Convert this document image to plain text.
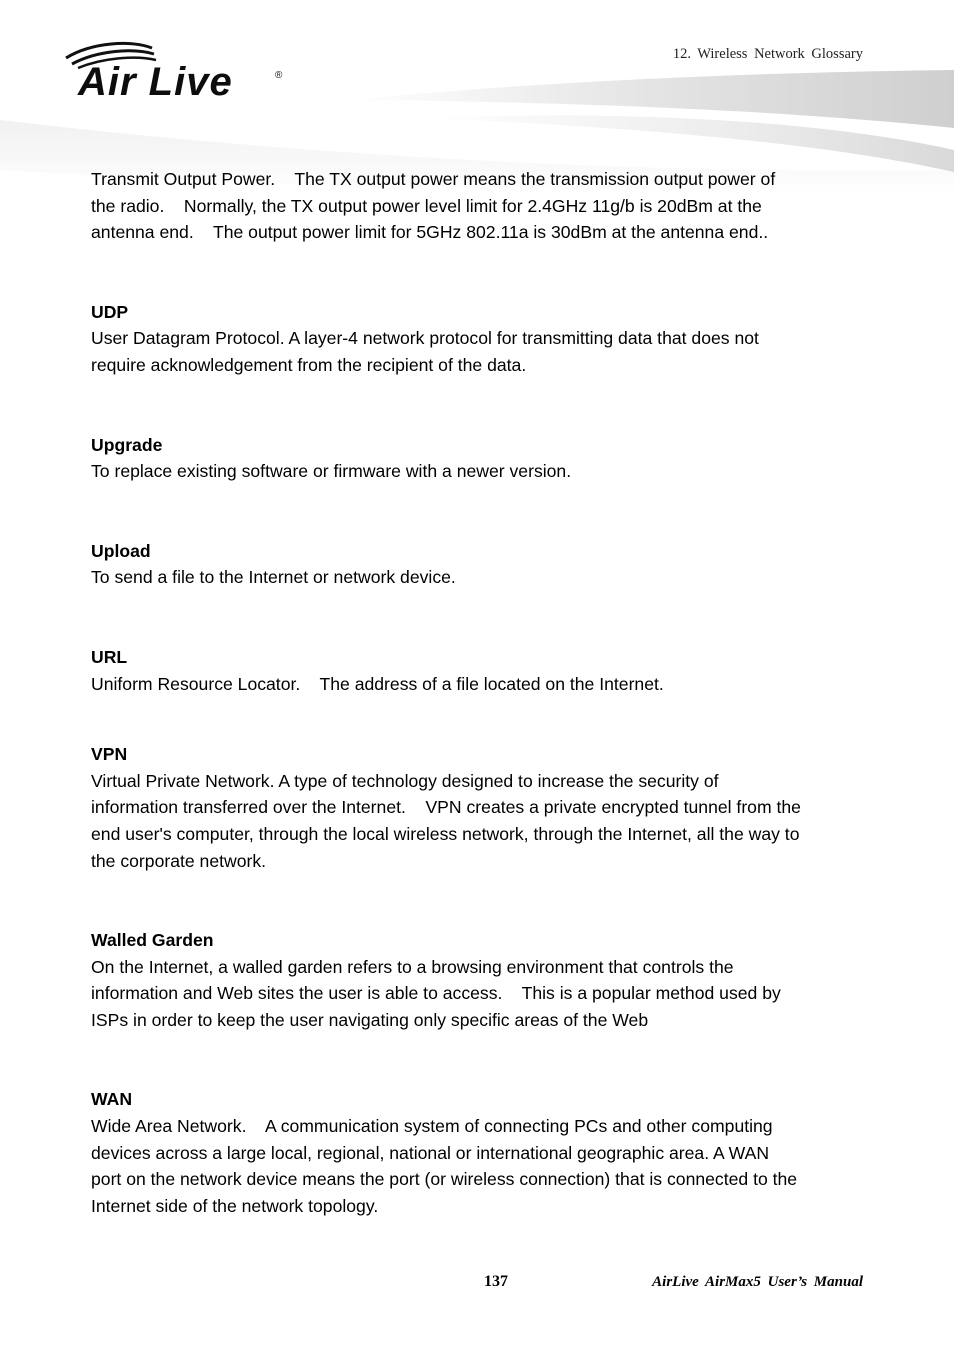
Air Live	®
12. Wireless Network Glossary

Transmit Output Power.    The TX output power means the transmission output power of
the radio.    Normally, the TX output power level limit for 2.4GHz 11g/b is 20dBm at the
antenna end.    The output power limit for 5GHz 802.11a is 30dBm at the antenna end..

UDP

User Datagram Protocol. A layer-4 network protocol for transmitting data that does not
require acknowledgement from the recipient of the data.

Upgrade

To replace existing software or firmware with a newer version.

Upload

To send a file to the Internet or network device.

URL

Uniform Resource Locator.    The address of a file located on the Internet.

VPN

Virtual Private Network. A type of technology designed to increase the security of
information transferred over the Internet.    VPN creates a private encrypted tunnel from the
end user's computer, through the local wireless network, through the Internet, all the way to
the corporate network.

Walled Garden

On the Internet, a walled garden refers to a browsing environment that controls the
information and Web sites the user is able to access.    This is a popular method used by
ISPs in order to keep the user navigating only specific areas of the Web

WAN

Wide Area Network.    A communication system of connecting PCs and other computing
devices across a large local, regional, national or international geographic area. A WAN
port on the network device means the port (or wireless connection) that is connected to the
Internet side of the network topology.

137	AirLive AirMax5 User’s Manual
